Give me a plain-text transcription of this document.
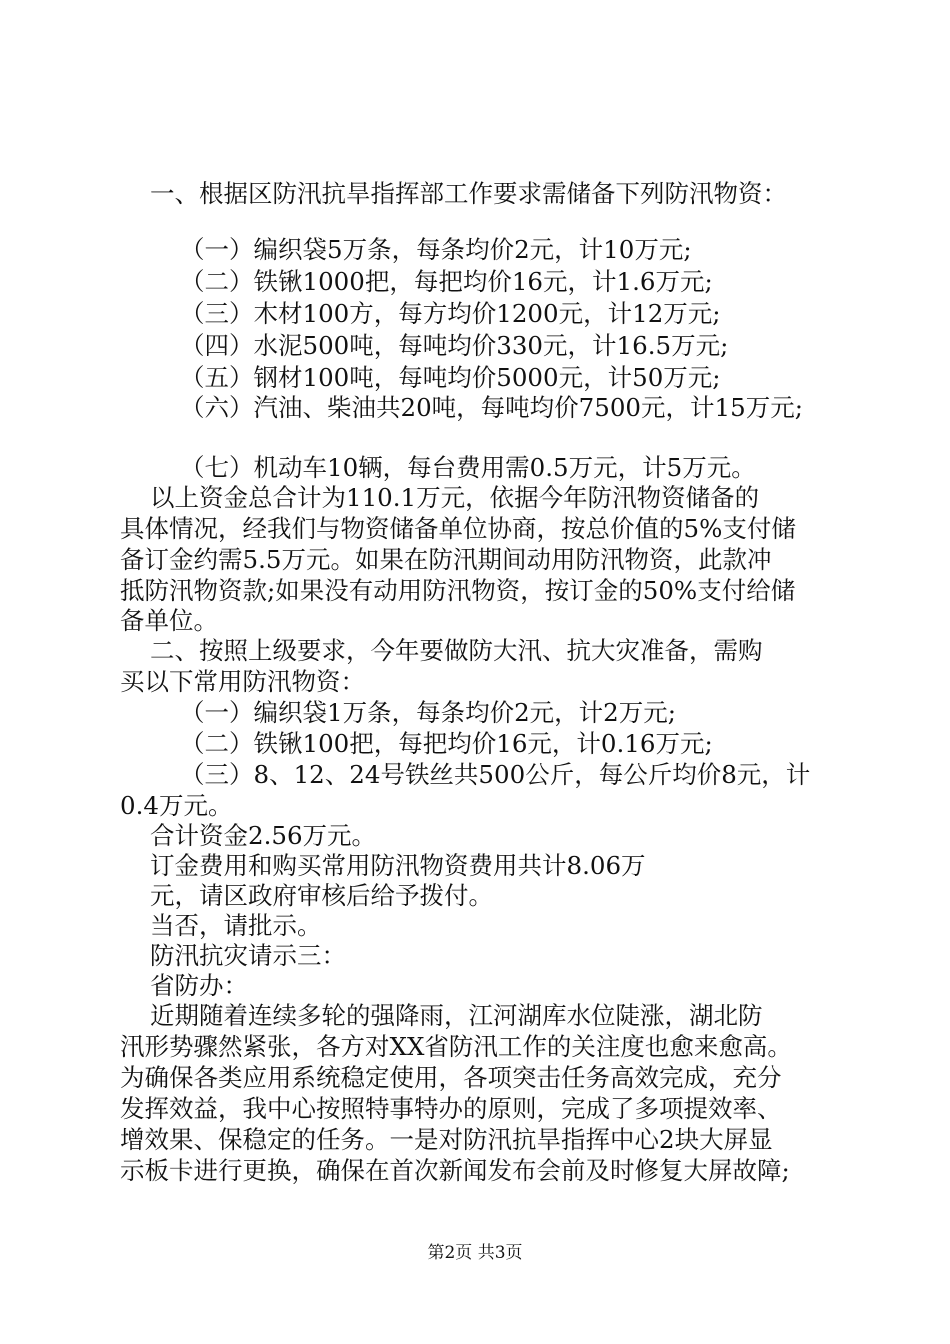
一、根据区防汛抗旱指挥部工作要求需储备下列防汛物资：
（一）编织袋5万条，每条均价2元，计10万元;
（二）铁锹1000把，每把均价16元，计1.6万元;
（三）木材100方，每方均价1200元，计12万元;
（四）水泥500吨，每吨均价330元，计16.5万元;
（五）钢材100吨，每吨均价5000元，计50万元;
（六）汽油、柴油共20吨，每吨均价7500元，计15万元;
（七）机动车10辆，每台费用需0.5万元，计5万元。
以上资金总合计为110.1万元，依据今年防汛物资储备的
具体情况，经我们与物资储备单位协商，按总价值的5%支付储
备订金约需5.5万元。如果在防汛期间动用防汛物资，此款冲
抵防汛物资款;如果没有动用防汛物资，按订金的50%支付给储
备单位。
二、按照上级要求，今年要做防大汛、抗大灾准备，需购
买以下常用防汛物资：
（一）编织袋1万条，每条均价2元，计2万元;
（二）铁锹100把，每把均价16元，计0.16万元;
（三）8、12、24号铁丝共500公斤，每公斤均价8元，计
0.4万元。
合计资金2.56万元。
订金费用和购买常用防汛物资费用共计8.06万
元，请区政府审核后给予拨付。
当否，请批示。
防汛抗灾请示三：
省防办：
近期随着连续多轮的强降雨，江河湖库水位陡涨，湖北防
汛形势骤然紧张，各方对XX省防汛工作的关注度也愈来愈高。
为确保各类应用系统稳定使用，各项突击任务高效完成，充分
发挥效益，我中心按照特事特办的原则，完成了多项提效率、
增效果、保稳定的任务。一是对防汛抗旱指挥中心2块大屏显
示板卡进行更换，确保在首次新闻发布会前及时修复大屏故障;
第2页 共3页
